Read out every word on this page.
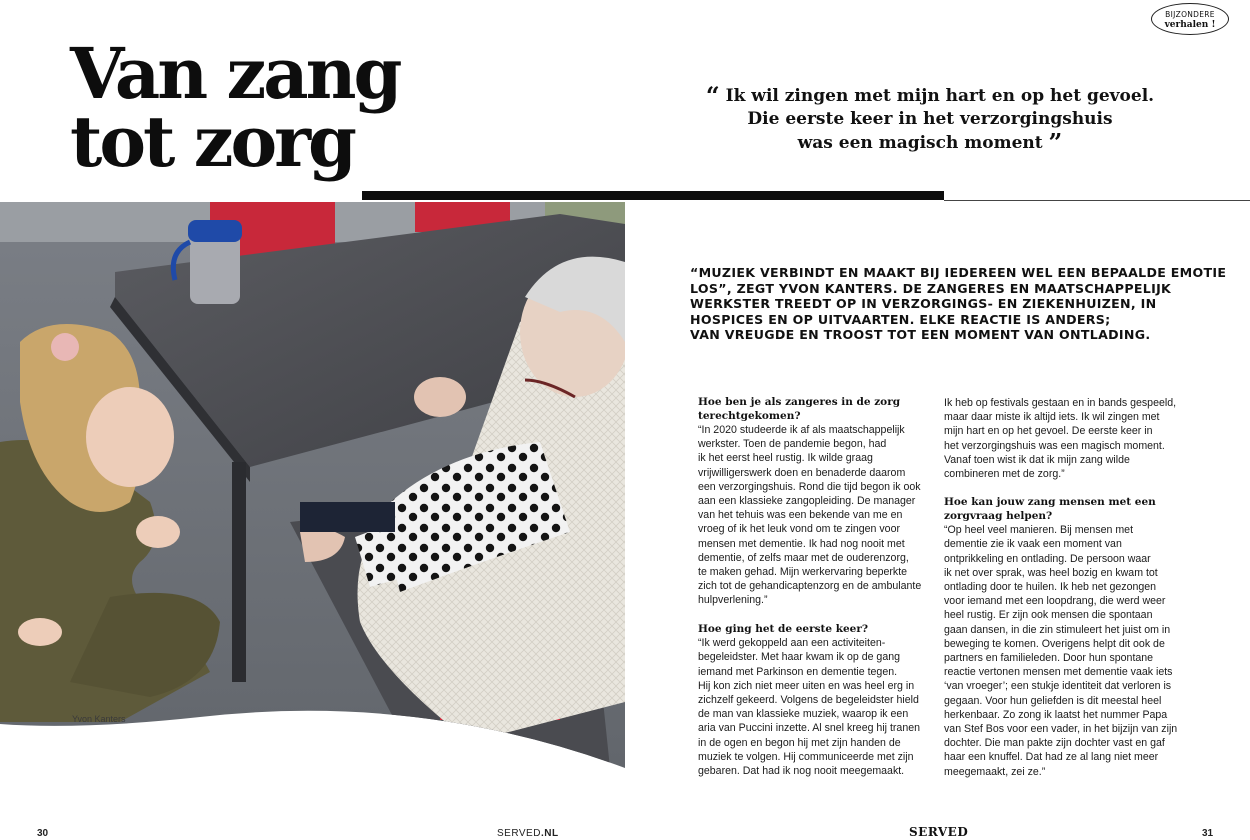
BIJZONDERE
verhalen !
Van zang
tot zorg
“ Ik wil zingen met mijn hart en op het gevoel.
Die eerste keer in het verzorgingshuis
was een magisch moment ”
Yvon Kanters
“MUZIEK VERBINDT EN MAAKT BIJ IEDEREEN WEL EEN BEPAALDE EMOTIE
LOS”, ZEGT YVON KANTERS. DE ZANGERES EN MAATSCHAPPELIJK
WERKSTER TREEDT OP IN VERZORGINGS- EN ZIEKENHUIZEN, IN
HOSPICES EN OP UITVAARTEN. ELKE REACTIE IS ANDERS;
VAN VREUGDE EN TROOST TOT EEN MOMENT VAN ONTLADING.
Hoe ben je als zangeres in de zorg
terechtgekomen?
“In 2020 studeerde ik af als maatschappelijk
werkster. Toen de pandemie begon, had
ik het eerst heel rustig. Ik wilde graag
vrijwilligerswerk doen en benaderde daarom
een verzorgingshuis. Rond die tijd begon ik ook
aan een klassieke zangopleiding. De manager
van het tehuis was een bekende van me en
vroeg of ik het leuk vond om te zingen voor
mensen met dementie. Ik had nog nooit met
dementie, of zelfs maar met de ouderenzorg,
te maken gehad. Mijn werkervaring beperkte
zich tot de gehandicaptenzorg en de ambulante
hulpverlening.”
Hoe ging het de eerste keer?
“Ik werd gekoppeld aan een activiteiten-
begeleidster. Met haar kwam ik op de gang
iemand met Parkinson en dementie tegen.
Hij kon zich niet meer uiten en was heel erg in
zichzelf gekeerd. Volgens de begeleidster hield
de man van klassieke muziek, waarop ik een
aria van Puccini inzette. Al snel kreeg hij tranen
in de ogen en begon hij met zijn handen de
muziek te volgen. Hij communiceerde met zijn
gebaren. Dat had ik nog nooit meegemaakt.
Ik heb op festivals gestaan en in bands gespeeld,
maar daar miste ik altijd iets. Ik wil zingen met
mijn hart en op het gevoel. De eerste keer in
het verzorgingshuis was een magisch moment.
Vanaf toen wist ik dat ik mijn zang wilde
combineren met de zorg.”
Hoe kan jouw zang mensen met een
zorgvraag helpen?
“Op heel veel manieren. Bij mensen met
dementie zie ik vaak een moment van
ontprikkeling en ontlading. De persoon waar
ik net over sprak, was heel bozig en kwam tot
ontlading door te huilen. Ik heb net gezongen
voor iemand met een loopdrang, die werd weer
heel rustig. Er zijn ook mensen die spontaan
gaan dansen, in die zin stimuleert het juist om in
beweging te komen. Overigens helpt dit ook de
partners en familieleden. Door hun spontane
reactie vertonen mensen met dementie vaak iets
‘van vroeger’; een stukje identiteit dat verloren is
gegaan. Voor hun geliefden is dit meestal heel
herkenbaar. Zo zong ik laatst het nummer Papa
van Stef Bos voor een vader, in het bijzijn van zijn
dochter. Die man pakte zijn dochter vast en gaf
haar een knuffel. Dat had ze al lang niet meer
meegemaakt, zei ze.”
30	SERVED.NL	SERVED	31
